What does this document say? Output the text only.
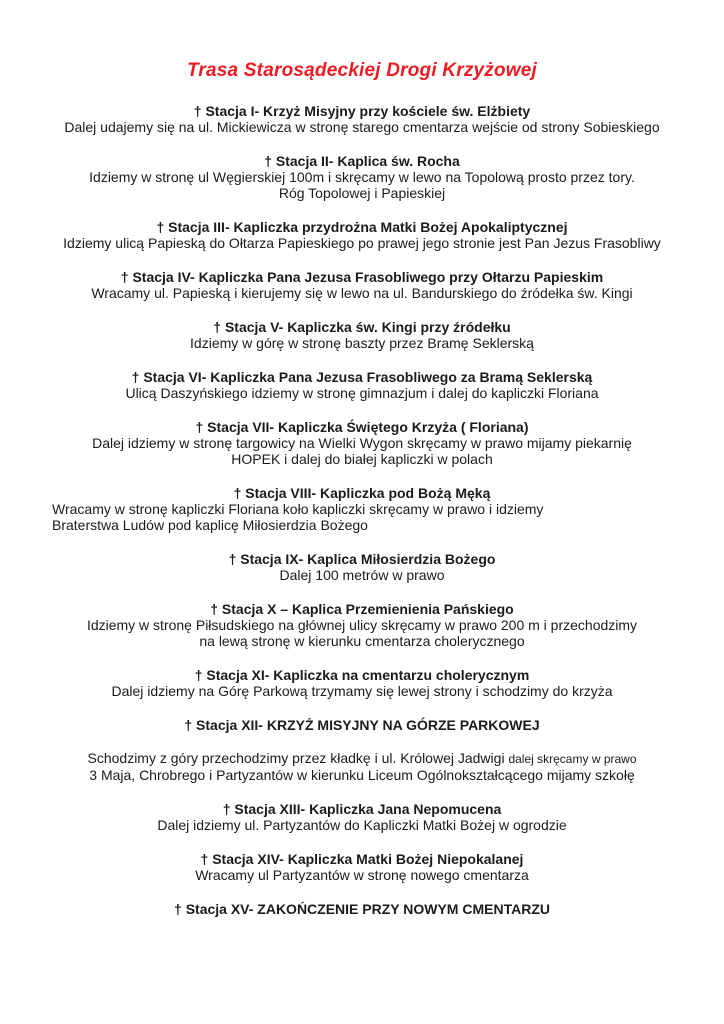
Trasa Starosądeckiej Drogi Krzyżowej
† Stacja I- Krzyż Misyjny przy kościele św. Elżbiety
Dalej udajemy się na ul. Mickiewicza w stronę starego cmentarza wejście od strony Sobieskiego
† Stacja II- Kaplica św. Rocha
Idziemy w stronę ul Węgierskiej 100m i skręcamy w lewo na Topolową prosto przez tory.
Róg Topolowej i Papieskiej
† Stacja III- Kapliczka przydrożna Matki Bożej Apokaliptycznej
Idziemy ulicą Papieską do Ołtarza Papieskiego po prawej jego stronie jest Pan Jezus Frasobliwy
† Stacja IV- Kapliczka Pana Jezusa Frasobliwego przy Ołtarzu Papieskim
Wracamy ul. Papieską i kierujemy się w lewo na ul. Bandurskiego do źródełka św. Kingi
† Stacja V- Kapliczka św. Kingi przy źródełku
Idziemy w górę w stronę baszty przez Bramę Seklerską
† Stacja VI- Kapliczka Pana Jezusa Frasobliwego za Bramą Seklerską
Ulicą Daszyńskiego idziemy w stronę gimnazjum i dalej do kapliczki Floriana
† Stacja VII- Kapliczka Świętego Krzyża ( Floriana)
Dalej idziemy w stronę targowicy na Wielki Wygon skręcamy w prawo mijamy piekarnię
HOPEK i dalej do białej kapliczki w polach
† Stacja VIII- Kapliczka pod Bożą Męką
Wracamy w stronę kapliczki Floriana koło kapliczki skręcamy w prawo i idziemy
Braterstwa Ludów pod kaplicę Miłosierdzia Bożego
† Stacja IX- Kaplica Miłosierdzia Bożego
Dalej 100 metrów w prawo
† Stacja X – Kaplica Przemienienia Pańskiego
Idziemy w stronę Piłsudskiego na głównej ulicy skręcamy w prawo 200 m i przechodzimy
na lewą stronę w kierunku cmentarza cholerycznego
† Stacja XI- Kapliczka na cmentarzu cholerycznym
Dalej idziemy na Górę Parkową trzymamy się lewej strony i schodzimy do krzyża
† Stacja XII- KRZYŻ MISYJNY NA GÓRZE PARKOWEJ
Schodzimy z góry przechodzimy przez kładkę i ul. Królowej Jadwigi dalej skręcamy w prawo
3 Maja, Chrobrego i Partyzantów w kierunku Liceum Ogólnokształcącego mijamy szkołę
† Stacja XIII- Kapliczka Jana Nepomucena
Dalej idziemy ul. Partyzantów do Kapliczki Matki Bożej w ogrodzie
† Stacja XIV- Kapliczka Matki Bożej Niepokalanej
Wracamy ul Partyzantów w stronę nowego cmentarza
† Stacja XV- ZAKOŃCZENIE PRZY NOWYM CMENTARZU
